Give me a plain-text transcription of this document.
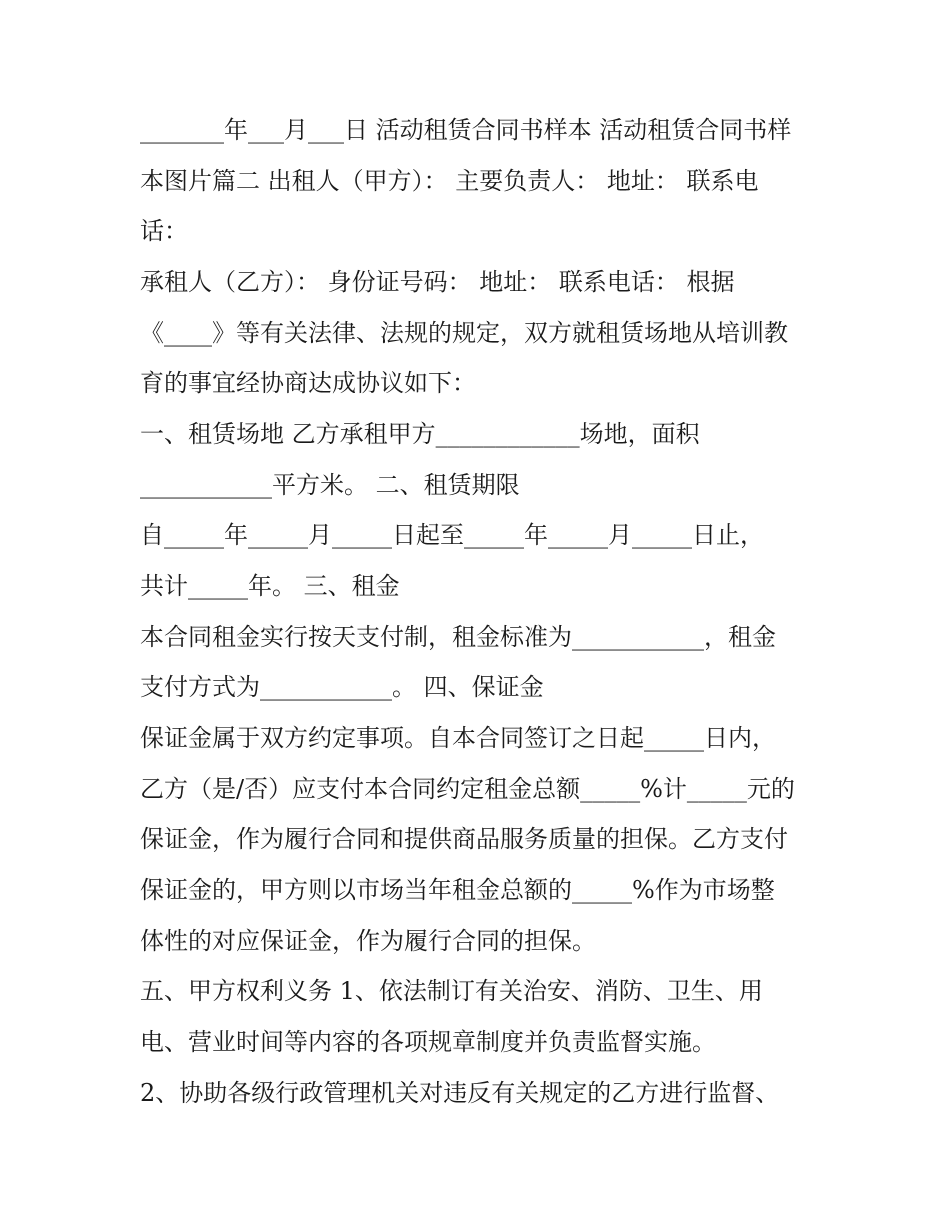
_______年___月___日 活动租赁合同书样本 活动租赁合同书样

本图片篇二 出租人（甲方）： 主要负责人： 地址： 联系电

话：

承租人（乙方）： 身份证号码： 地址： 联系电话： 根据

《____》等有关法律、法规的规定，双方就租赁场地从培训教

育的事宜经协商达成协议如下：

一、租赁场地 乙方承租甲方____________场地，面积

___________平方米。 二、租赁期限

自_____年_____月_____日起至_____年_____月_____日止，

共计_____年。 三、租金

本合同租金实行按天支付制，租金标准为___________，租金

支付方式为___________。 四、保证金

保证金属于双方约定事项。自本合同签订之日起_____日内，

乙方（是/否）应支付本合同约定租金总额_____%计_____元的

保证金，作为履行合同和提供商品服务质量的担保。乙方支付

保证金的，甲方则以市场当年租金总额的_____%作为市场整

体性的对应保证金，作为履行合同的担保。

五、甲方权利义务 1、依法制订有关治安、消防、卫生、用

电、营业时间等内容的各项规章制度并负责监督实施。

2、协助各级行政管理机关对违反有关规定的乙方进行监督、
